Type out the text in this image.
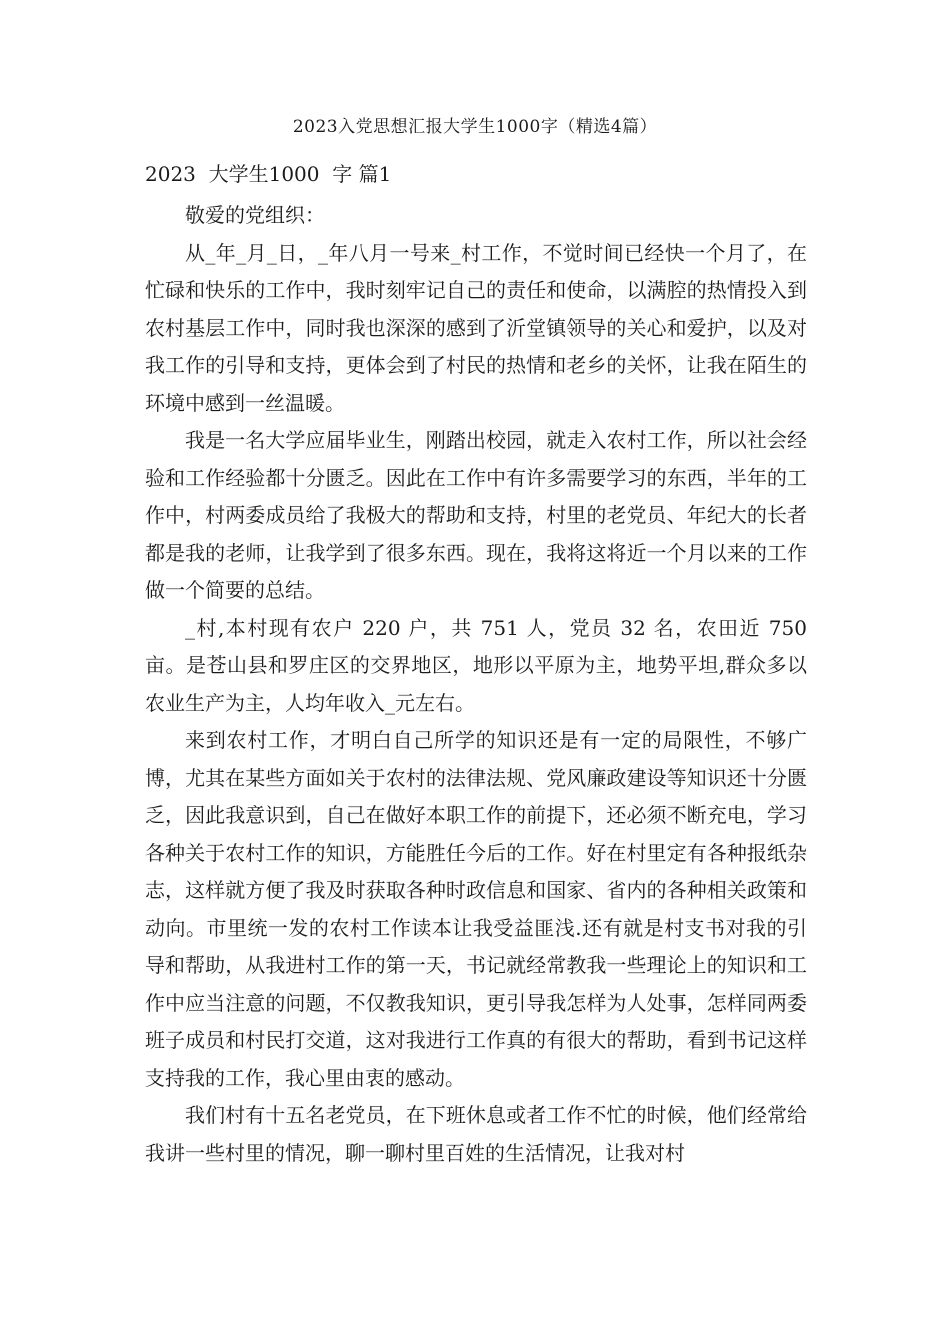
2023入党思想汇报大学生1000字（精选4篇）
2023  大学生1000  字 篇1

敬爱的党组织：

从_年_月_日，_年八月一号来_村工作，不觉时间已经快一个月了，在忙碌和快乐的工作中，我时刻牢记自己的责任和使命，以满腔的热情投入到农村基层工作中，同时我也深深的感到了沂堂镇领导的关心和爱护，以及对我工作的引导和支持，更体会到了村民的热情和老乡的关怀，让我在陌生的环境中感到一丝温暖。

我是一名大学应届毕业生，刚踏出校园，就走入农村工作，所以社会经验和工作经验都十分匮乏。因此在工作中有许多需要学习的东西，半年的工作中，村两委成员给了我极大的帮助和支持，村里的老党员、年纪大的长者都是我的老师，让我学到了很多东西。现在，我将这将近一个月以来的工作做一个简要的总结。

_村,本村现有农户 220 户，共 751 人，党员 32 名，农田近 750 亩。是苍山县和罗庄区的交界地区，地形以平原为主，地势平坦,群众多以农业生产为主，人均年收入_元左右。

来到农村工作，才明白自己所学的知识还是有一定的局限性，不够广博，尤其在某些方面如关于农村的法律法规、党风廉政建设等知识还十分匮乏，因此我意识到，自己在做好本职工作的前提下，还必须不断充电，学习各种关于农村工作的知识，方能胜任今后的工作。好在村里定有各种报纸杂志，这样就方便了我及时获取各种时政信息和国家、省内的各种相关政策和动向。市里统一发的农村工作读本让我受益匪浅.还有就是村支书对我的引导和帮助，从我进村工作的第一天，书记就经常教我一些理论上的知识和工作中应当注意的问题，不仅教我知识，更引导我怎样为人处事，怎样同两委班子成员和村民打交道，这对我进行工作真的有很大的帮助，看到书记这样支持我的工作，我心里由衷的感动。

我们村有十五名老党员，在下班休息或者工作不忙的时候，他们经常给我讲一些村里的情况，聊一聊村里百姓的生活情况，让我对村
